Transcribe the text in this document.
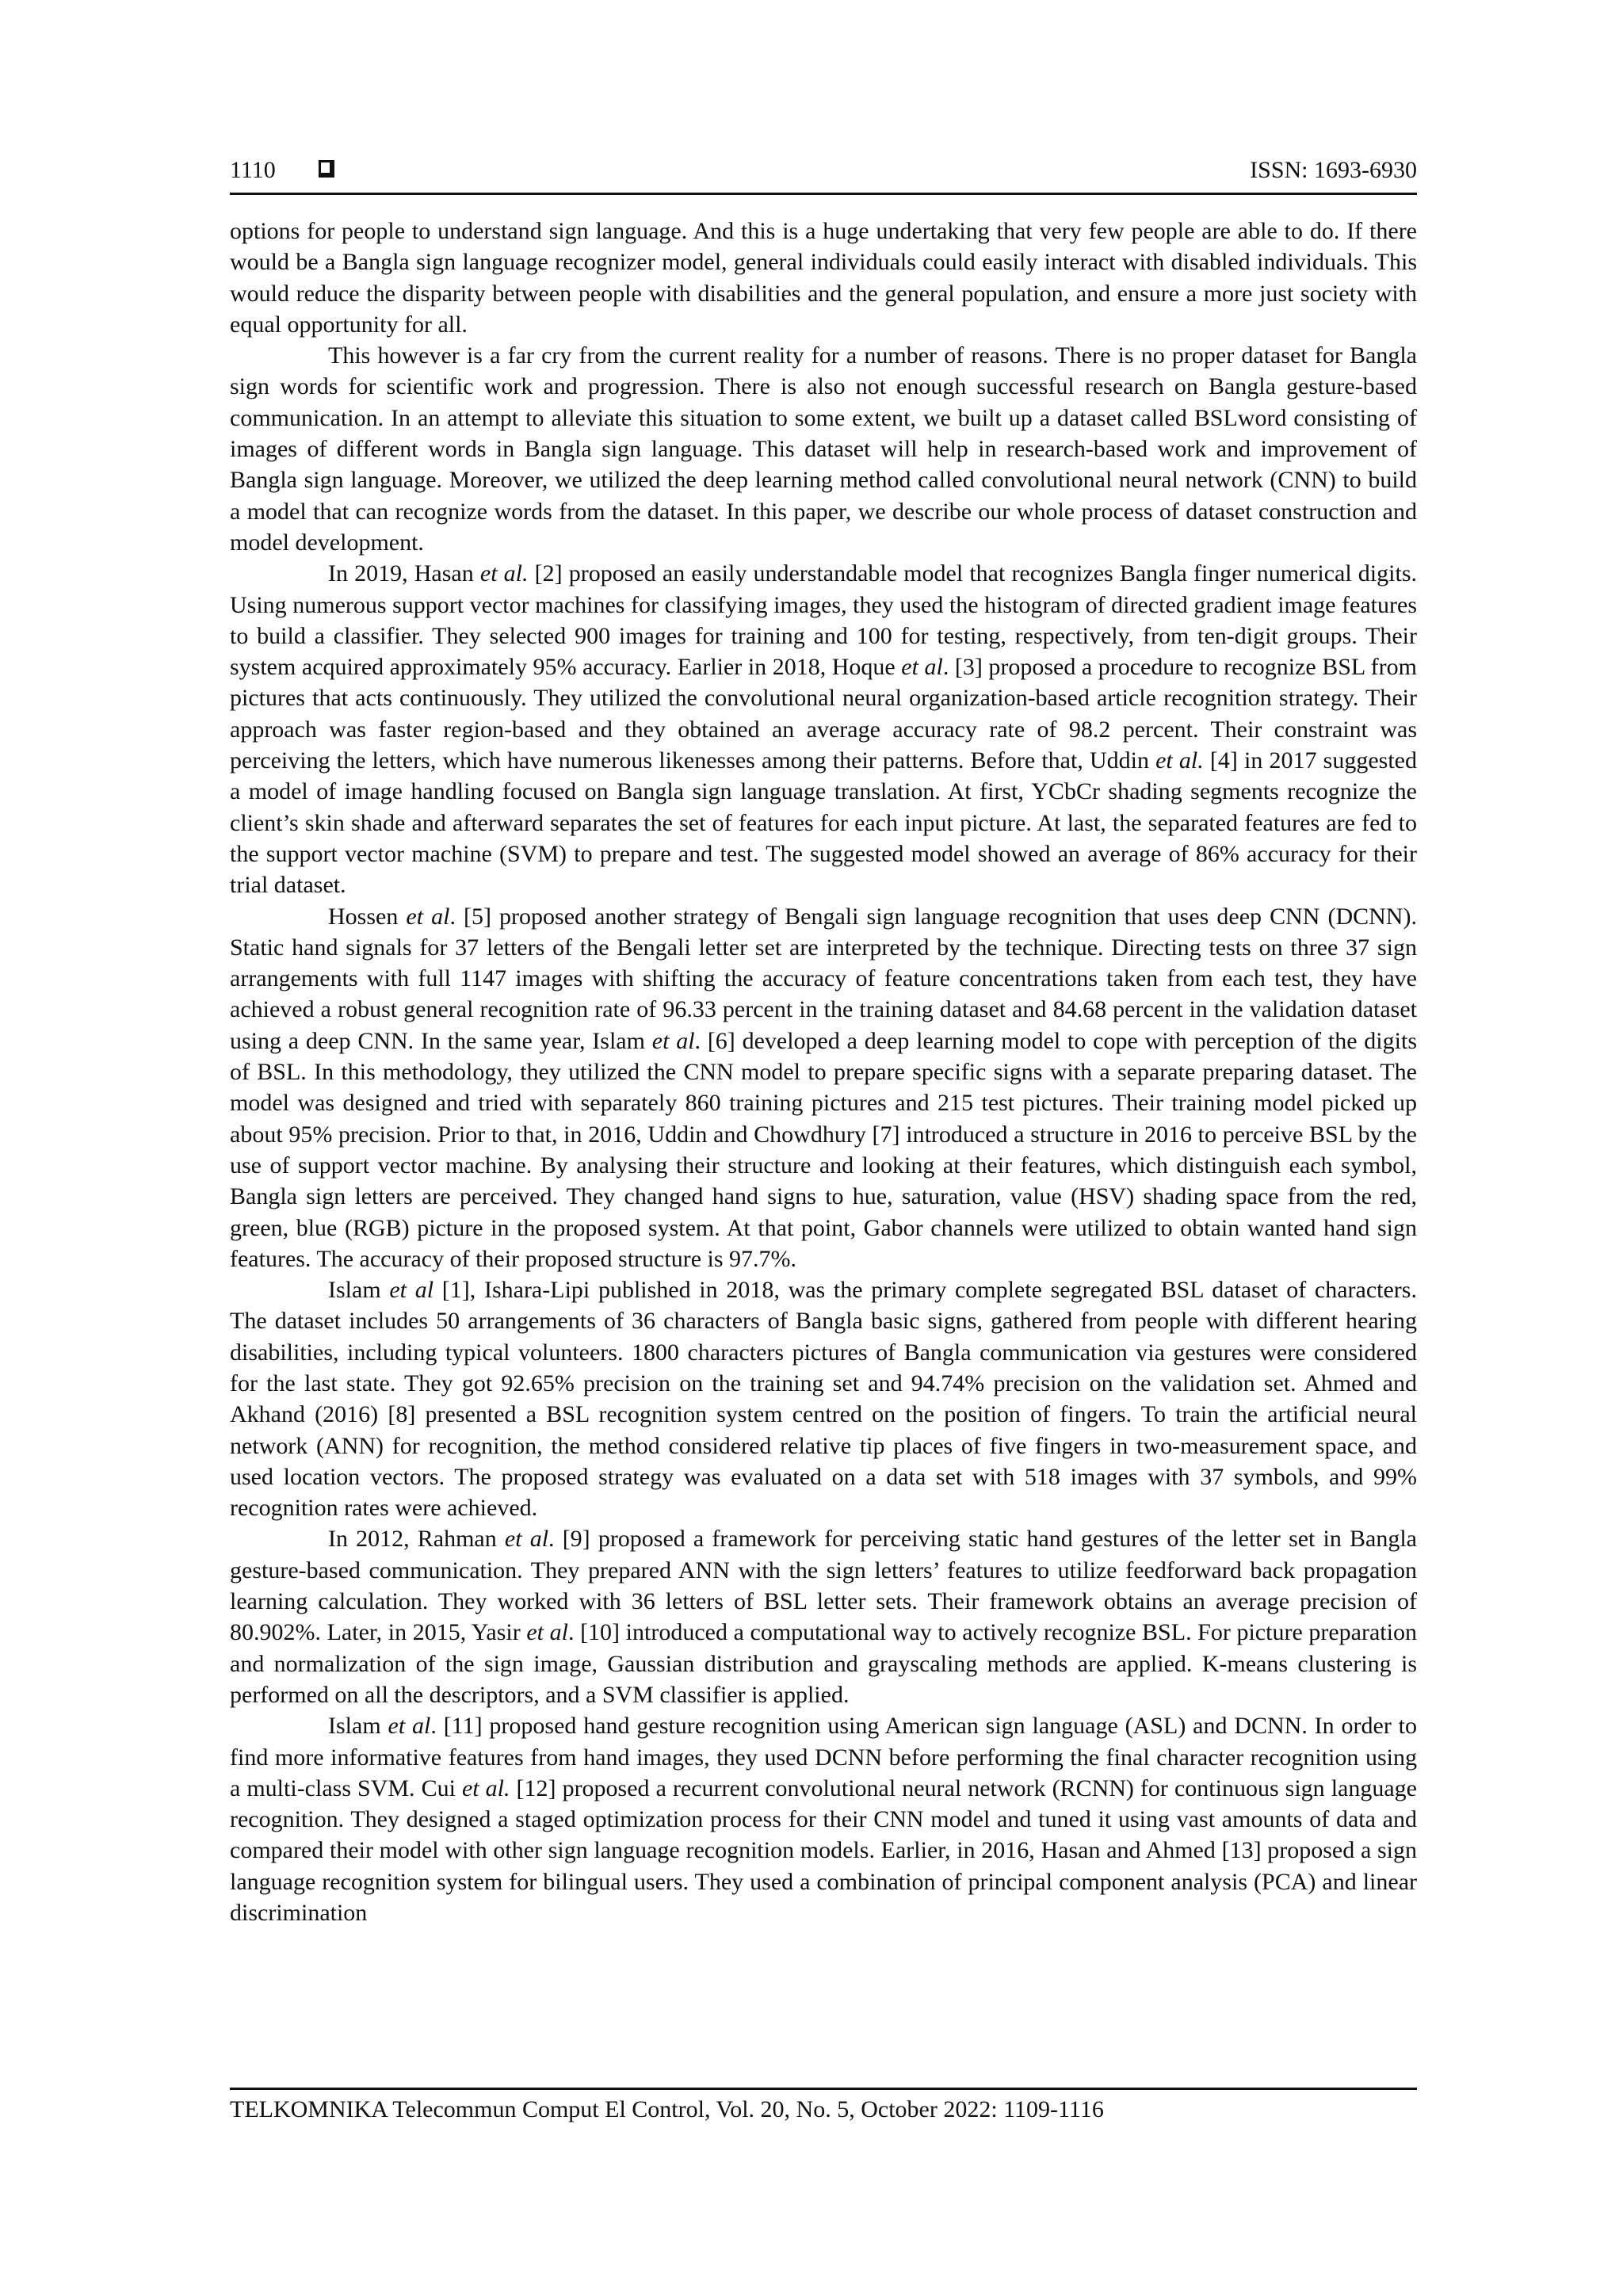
1110	ISSN: 1693-6930

options for people to understand sign language. And this is a huge undertaking that very few people are able to do. If there would be a Bangla sign language recognizer model, general individuals could easily interact with disabled individuals. This would reduce the disparity between people with disabilities and the general population, and ensure a more just society with equal opportunity for all.

This however is a far cry from the current reality for a number of reasons. There is no proper dataset for Bangla sign words for scientific work and progression. There is also not enough successful research on Bangla gesture-based communication. In an attempt to alleviate this situation to some extent, we built up a dataset called BSLword consisting of images of different words in Bangla sign language. This dataset will help in research-based work and improvement of Bangla sign language. Moreover, we utilized the deep learning method called convolutional neural network (CNN) to build a model that can recognize words from the dataset. In this paper, we describe our whole process of dataset construction and model development.

In 2019, Hasan et al. [2] proposed an easily understandable model that recognizes Bangla finger numerical digits. Using numerous support vector machines for classifying images, they used the histogram of directed gradient image features to build a classifier. They selected 900 images for training and 100 for testing, respectively, from ten-digit groups. Their system acquired approximately 95% accuracy. Earlier in 2018, Hoque et al. [3] proposed a procedure to recognize BSL from pictures that acts continuously. They utilized the convolutional neural organization-based article recognition strategy. Their approach was faster region-based and they obtained an average accuracy rate of 98.2 percent. Their constraint was perceiving the letters, which have numerous likenesses among their patterns. Before that, Uddin et al. [4] in 2017 suggested a model of image handling focused on Bangla sign language translation. At first, YCbCr shading segments recognize the client’s skin shade and afterward separates the set of features for each input picture. At last, the separated features are fed to the support vector machine (SVM) to prepare and test. The suggested model showed an average of 86% accuracy for their trial dataset.

Hossen et al. [5] proposed another strategy of Bengali sign language recognition that uses deep CNN (DCNN). Static hand signals for 37 letters of the Bengali letter set are interpreted by the technique. Directing tests on three 37 sign arrangements with full 1147 images with shifting the accuracy of feature concentrations taken from each test, they have achieved a robust general recognition rate of 96.33 percent in the training dataset and 84.68 percent in the validation dataset using a deep CNN. In the same year, Islam et al. [6] developed a deep learning model to cope with perception of the digits of BSL. In this methodology, they utilized the CNN model to prepare specific signs with a separate preparing dataset. The model was designed and tried with separately 860 training pictures and 215 test pictures. Their training model picked up about 95% precision. Prior to that, in 2016, Uddin and Chowdhury [7] introduced a structure in 2016 to perceive BSL by the use of support vector machine. By analysing their structure and looking at their features, which distinguish each symbol, Bangla sign letters are perceived. They changed hand signs to hue, saturation, value (HSV) shading space from the red, green, blue (RGB) picture in the proposed system. At that point, Gabor channels were utilized to obtain wanted hand sign features. The accuracy of their proposed structure is 97.7%.

Islam et al [1], Ishara-Lipi published in 2018, was the primary complete segregated BSL dataset of characters. The dataset includes 50 arrangements of 36 characters of Bangla basic signs, gathered from people with different hearing disabilities, including typical volunteers. 1800 characters pictures of Bangla communication via gestures were considered for the last state. They got 92.65% precision on the training set and 94.74% precision on the validation set. Ahmed and Akhand (2016) [8] presented a BSL recognition system centred on the position of fingers. To train the artificial neural network (ANN) for recognition, the method considered relative tip places of five fingers in two-measurement space, and used location vectors. The proposed strategy was evaluated on a data set with 518 images with 37 symbols, and 99% recognition rates were achieved.

In 2012, Rahman et al. [9] proposed a framework for perceiving static hand gestures of the letter set in Bangla gesture-based communication. They prepared ANN with the sign letters’ features to utilize feedforward back propagation learning calculation. They worked with 36 letters of BSL letter sets. Their framework obtains an average precision of 80.902%. Later, in 2015, Yasir et al. [10] introduced a computational way to actively recognize BSL. For picture preparation and normalization of the sign image, Gaussian distribution and grayscaling methods are applied. K-means clustering is performed on all the descriptors, and a SVM classifier is applied.

Islam et al. [11] proposed hand gesture recognition using American sign language (ASL) and DCNN. In order to find more informative features from hand images, they used DCNN before performing the final character recognition using a multi-class SVM. Cui et al. [12] proposed a recurrent convolutional neural network (RCNN) for continuous sign language recognition. They designed a staged optimization process for their CNN model and tuned it using vast amounts of data and compared their model with other sign language recognition models. Earlier, in 2016, Hasan and Ahmed [13] proposed a sign language recognition system for bilingual users. They used a combination of principal component analysis (PCA) and linear discrimination

TELKOMNIKA Telecommun Comput El Control, Vol. 20, No. 5, October 2022: 1109-1116
